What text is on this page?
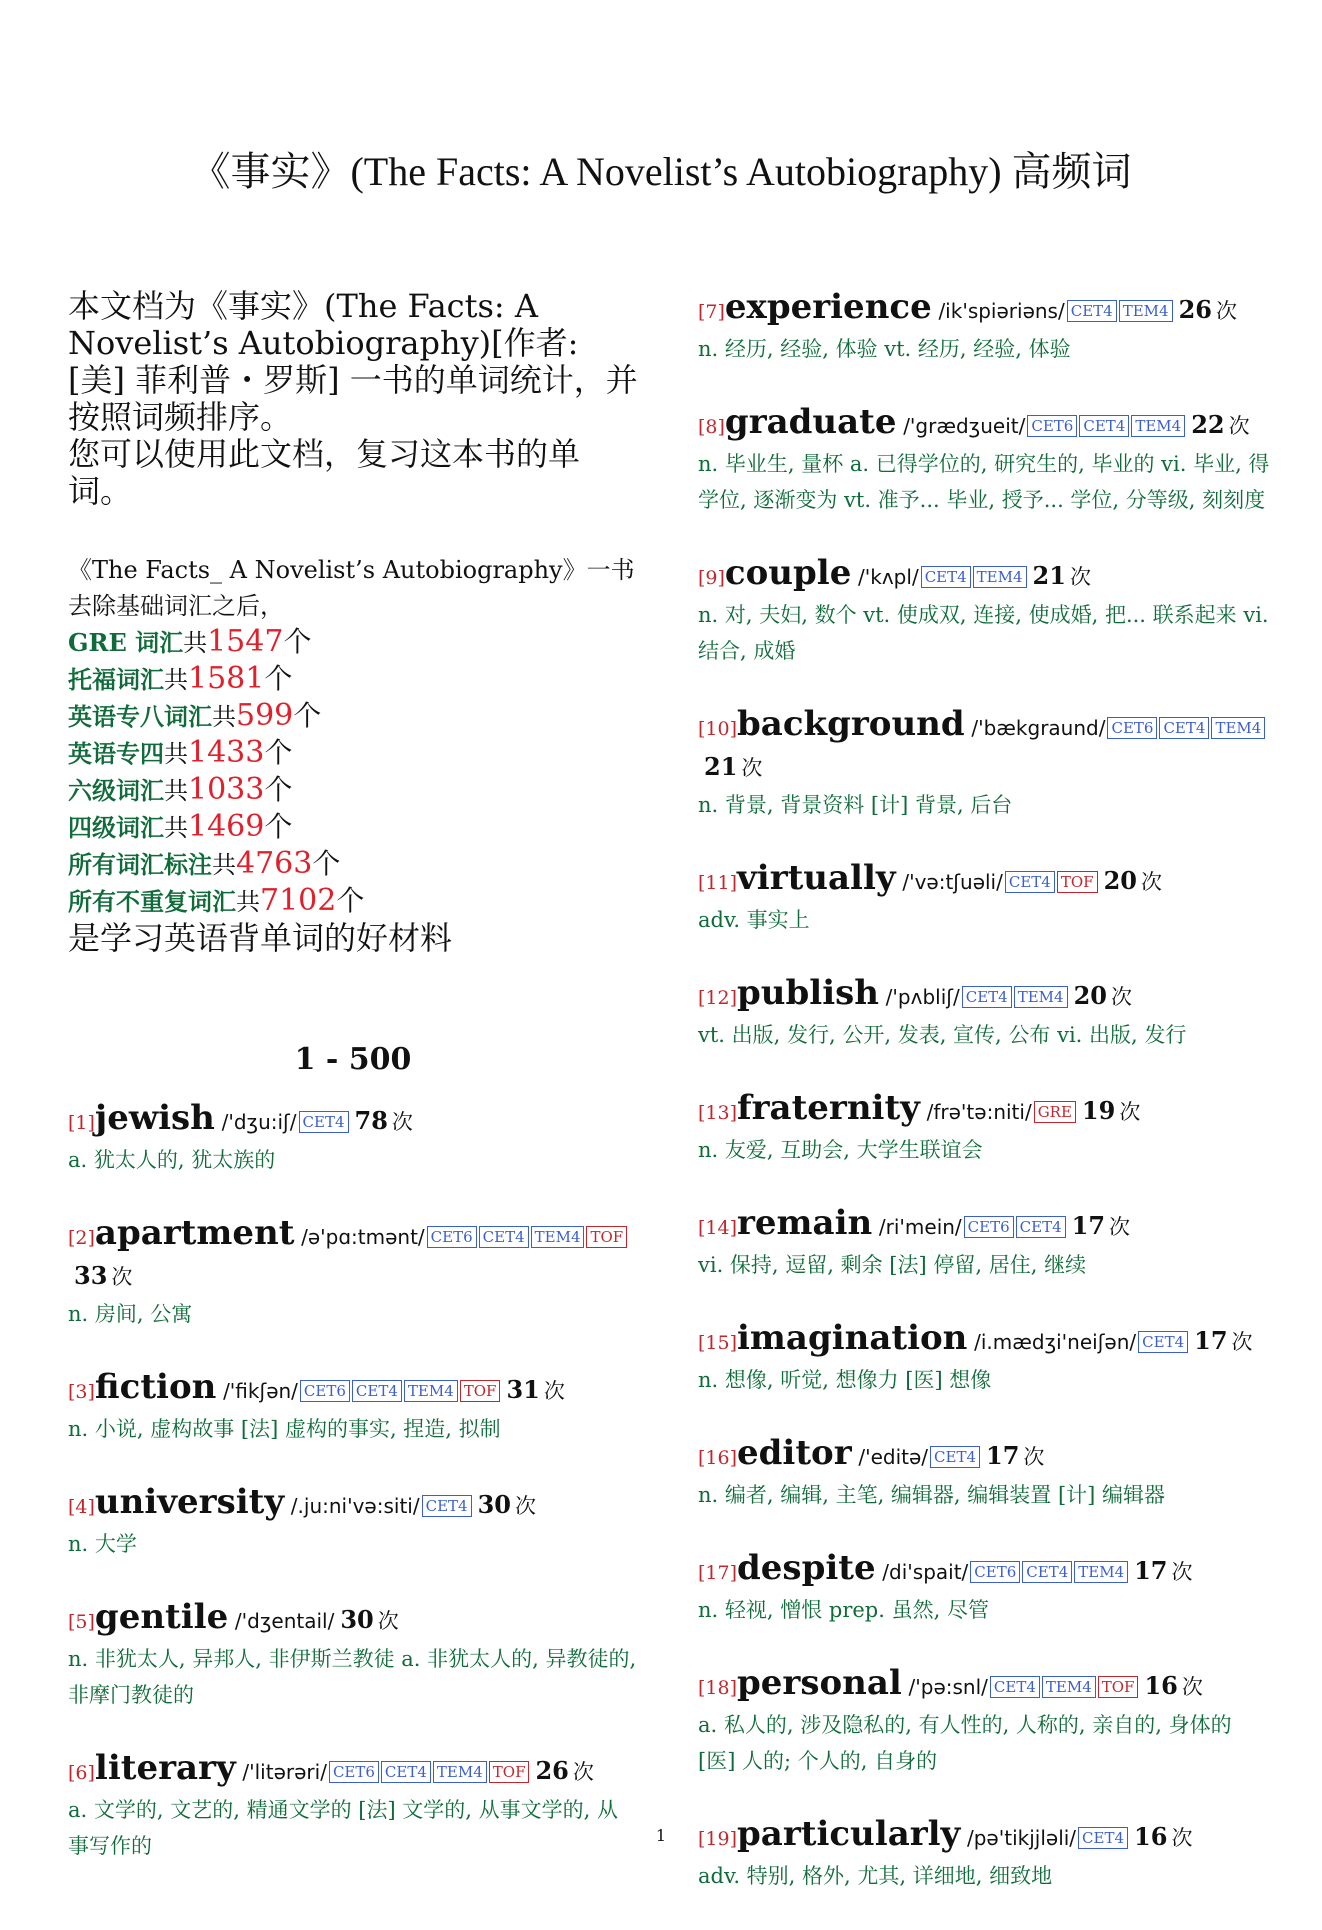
《事实》(The Facts: A Novelist’s Autobiography) 高频词
本文档为《事实》(The Facts: A Novelist’s Autobiography)[作者: [美] 菲利普・罗斯] 一书的单词统计，并按照词频排序。
您可以使用此文档，复习这本书的单词。
《The Facts_ A Novelist’s Autobiography》一书去除基础词汇之后，
GRE 词汇共1547个
托福词汇共1581个
英语专八词汇共599个
英语专四共1433个
六级词汇共1033个
四级词汇共1469个
所有词汇标注共4763个
所有不重复词汇共7102个
是学习英语背单词的好材料
1 - 500
[1]jewish /'dʒu:iʃ/ CET4 78 次
a. 犹太人的, 犹太族的
[2]apartment /ə'pɑ:tmənt/ CET6 CET4 TEM4 TOF33 次
n. 房间, 公寓
[3]fiction /'fikʃən/ CET6 CET4 TEM4 TOF 31 次
n. 小说, 虚构故事 [法] 虚构的事实, 捏造, 拟制
[4]university /.ju:ni'və:siti/ CET4 30 次
n. 大学
[5]gentile /'dʒentail/ 30 次
n. 非犹太人, 异邦人, 非伊斯兰教徒 a. 非犹太人的, 异教徒的, 非摩门教徒的
[6]literary /'litərəri/ CET6 CET4 TEM4 TOF 26 次
a. 文学的, 文艺的, 精通文学的 [法] 文学的, 从事文学的, 从事写作的
[7]experience /ik'spiəriəns/ CET4 TEM4 26 次
n. 经历, 经验, 体验 vt. 经历, 经验, 体验
[8]graduate /'grædʒueit/ CET6 CET4 TEM4 22 次
n. 毕业生, 量杯 a. 已得学位的, 研究生的, 毕业的 vi. 毕业, 得学位, 逐渐变为 vt. 准予... 毕业, 授予... 学位, 分等级, 刻刻度
[9]couple /'kʌpl/ CET4 TEM4 21 次
n. 对, 夫妇, 数个 vt. 使成双, 连接, 使成婚, 把... 联系起来 vi. 结合, 成婚
[10]background /'bækgraund/ CET6 CET4 TEM421 次
n. 背景, 背景资料 [计] 背景, 后台
[11]virtually /'və:tʃuəli/ CET4 TOF 20 次
adv. 事实上
[12]publish /'pʌbliʃ/ CET4 TEM4 20 次
vt. 出版, 发行, 公开, 发表, 宣传, 公布 vi. 出版, 发行
[13]fraternity /frə'tə:niti/ GRE 19 次
n. 友爱, 互助会, 大学生联谊会
[14]remain /ri'mein/ CET6 CET4 17 次
vi. 保持, 逗留, 剩余 [法] 停留, 居住, 继续
[15]imagination /i.mædʒi'neiʃən/ CET4 17 次
n. 想像, 听觉, 想像力 [医] 想像
[16]editor /'editə/ CET4 17 次
n. 编者, 编辑, 主笔, 编辑器, 编辑装置 [计] 编辑器
[17]despite /di'spait/ CET6 CET4 TEM4 17 次
n. 轻视, 憎恨 prep. 虽然, 尽管
[18]personal /'pə:snl/ CET4 TEM4 TOF 16 次
a. 私人的, 涉及隐私的, 有人性的, 人称的, 亲自的, 身体的 [医] 人的; 个人的, 自身的
[19]particularly /pə'tikjjləli/ CET4 16 次
adv. 特别, 格外, 尤其, 详细地, 细致地
1
